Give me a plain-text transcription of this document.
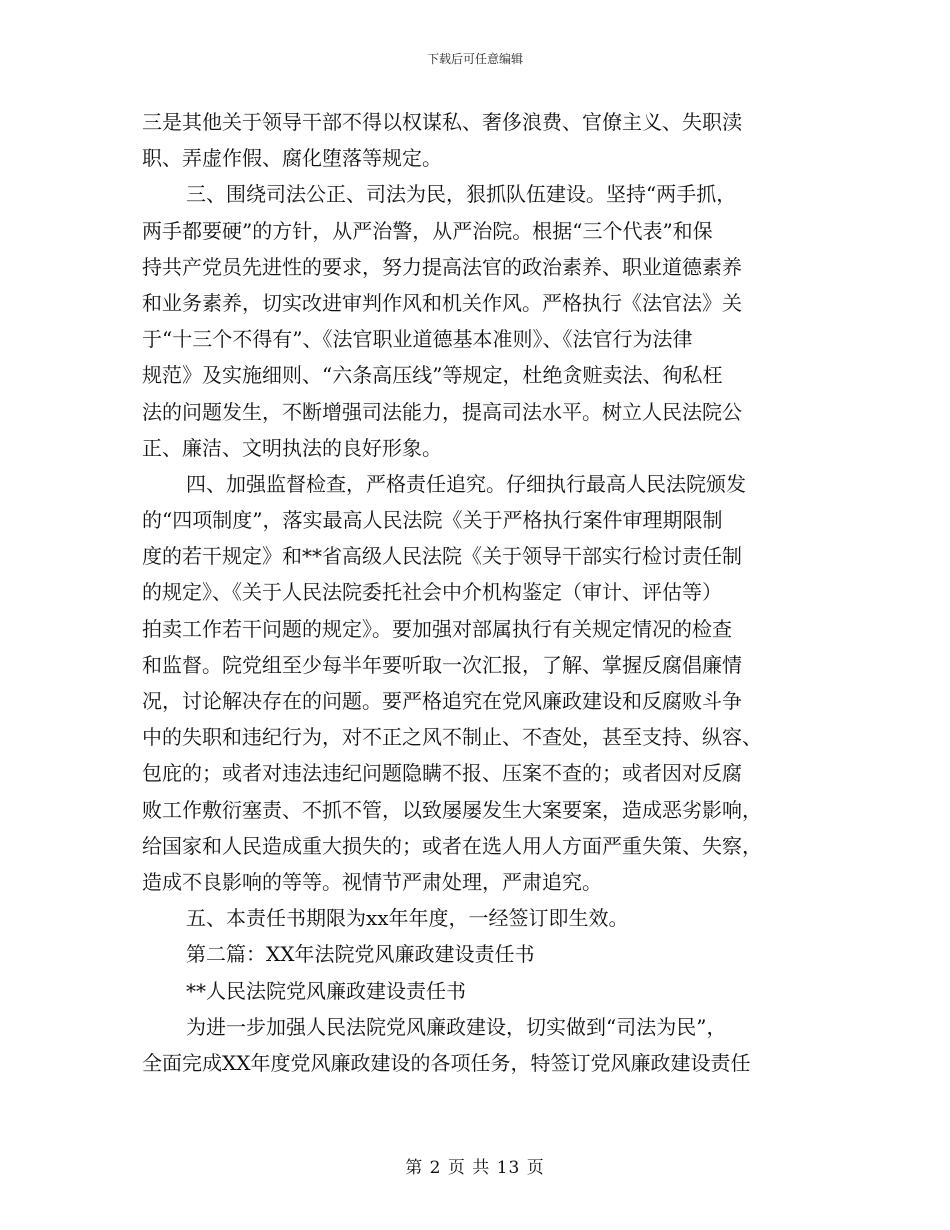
下载后可任意编辑
三是其他关于领导干部不得以权谋私、奢侈浪费、官僚主义、失职渎
职、弄虚作假、腐化堕落等规定。
三、围绕司法公正、司法为民，狠抓队伍建设。坚持“两手抓，
两手都要硬”的方针，从严治警，从严治院。根据“三个代表”和保
持共产党员先进性的要求，努力提高法官的政治素养、职业道德素养
和业务素养，切实改进审判作风和机关作风。严格执行《法官法》关
于“十三个不得有”、《法官职业道德基本准则》、《法官行为法律
规范》及实施细则、“六条高压线”等规定，杜绝贪赃卖法、徇私枉
法的问题发生，不断增强司法能力，提高司法水平。树立人民法院公
正、廉洁、文明执法的良好形象。
四、加强监督检查，严格责任追究。仔细执行最高人民法院颁发
的“四项制度”，落实最高人民法院《关于严格执行案件审理期限制
度的若干规定》和**省高级人民法院《关于领导干部实行检讨责任制
的规定》、《关于人民法院委托社会中介机构鉴定（审计、评估等）
拍卖工作若干问题的规定》。要加强对部属执行有关规定情况的检查
和监督。院党组至少每半年要听取一次汇报，了解、掌握反腐倡廉情
况，讨论解决存在的问题。要严格追究在党风廉政建设和反腐败斗争
中的失职和违纪行为，对不正之风不制止、不查处，甚至支持、纵容、
包庇的；或者对违法违纪问题隐瞒不报、压案不查的；或者因对反腐
败工作敷衍塞责、不抓不管，以致屡屡发生大案要案，造成恶劣影响，
给国家和人民造成重大损失的；或者在选人用人方面严重失策、失察，
造成不良影响的等等。视情节严肃处理，严肃追究。
五、本责任书期限为xx年年度，一经签订即生效。
第二篇：XX年法院党风廉政建设责任书
**人民法院党风廉政建设责任书
为进一步加强人民法院党风廉政建设，切实做到“司法为民”，
全面完成XX年度党风廉政建设的各项任务，特签订党风廉政建设责任
第 2 页 共 13 页
